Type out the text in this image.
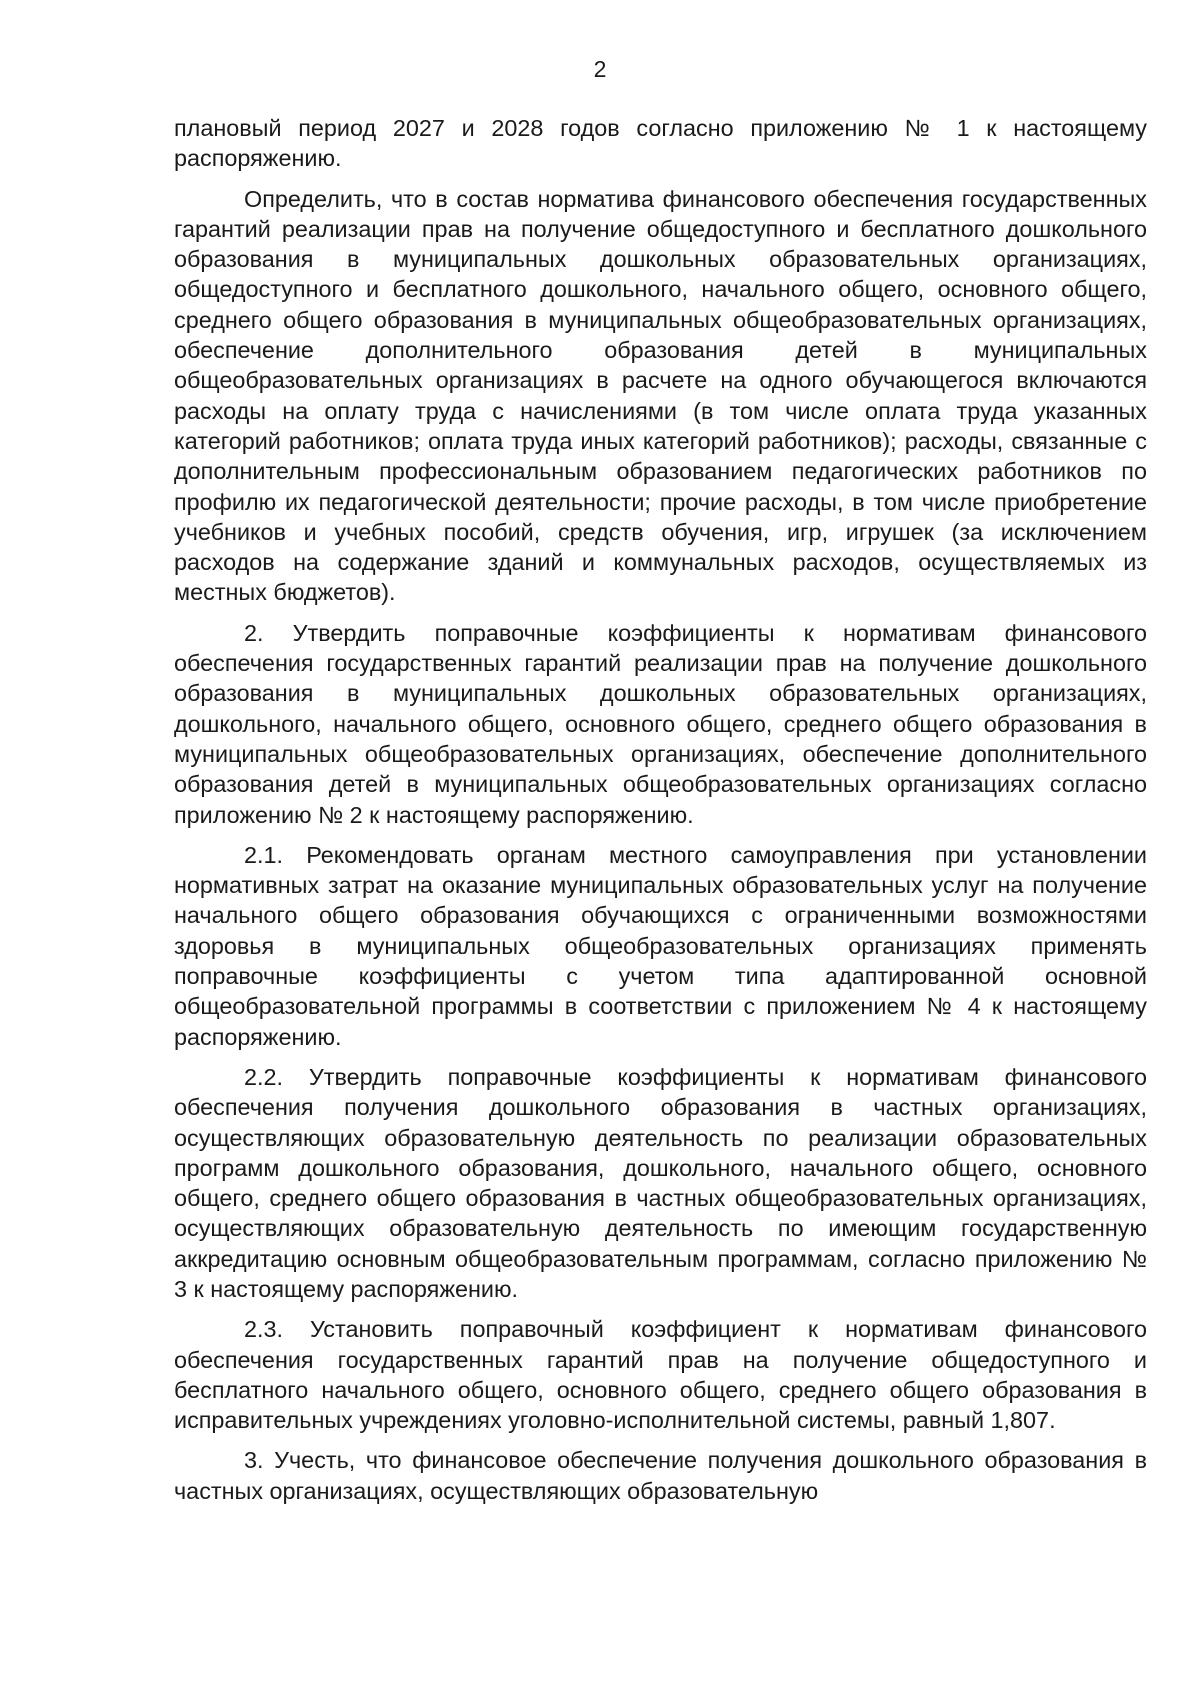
2

плановый период 2027 и 2028 годов согласно приложению № 1 к настоящему распоряжению.

Определить, что в состав норматива финансового обеспечения государственных гарантий реализации прав на получение общедоступного и бесплатного дошкольного образования в муниципальных дошкольных образовательных организациях, общедоступного и бесплатного дошкольного, начального общего, основного общего, среднего общего образования в муниципальных общеобразовательных организациях, обеспечение дополнительного образования детей в муниципальных общеобразовательных организациях в расчете на одного обучающегося включаются расходы на оплату труда с начислениями (в том числе оплата труда указанных категорий работников; оплата труда иных категорий работников); расходы, связанные с дополнительным профессиональным образованием педагогических работников по профилю их педагогической деятельности; прочие расходы, в том числе приобретение учебников и учебных пособий, средств обучения, игр, игрушек (за исключением расходов на содержание зданий и коммунальных расходов, осуществляемых из местных бюджетов).

2. Утвердить поправочные коэффициенты к нормативам финансового обеспечения государственных гарантий реализации прав на получение дошкольного образования в муниципальных дошкольных образовательных организациях, дошкольного, начального общего, основного общего, среднего общего образования в муниципальных общеобразовательных организациях, обеспечение дополнительного образования детей в муниципальных общеобразовательных организациях согласно приложению № 2 к настоящему распоряжению.

2.1. Рекомендовать органам местного самоуправления при установлении нормативных затрат на оказание муниципальных образовательных услуг на получение начального общего образования обучающихся с ограниченными возможностями здоровья в муниципальных общеобразовательных организациях применять поправочные коэффициенты с учетом типа адаптированной основной общеобразовательной программы в соответствии с приложением № 4 к настоящему распоряжению.

2.2. Утвердить поправочные коэффициенты к нормативам финансового обеспечения получения дошкольного образования в частных организациях, осуществляющих образовательную деятельность по реализации образовательных программ дошкольного образования, дошкольного, начального общего, основного общего, среднего общего образования в частных общеобразовательных организациях, осуществляющих образовательную деятельность по имеющим государственную аккредитацию основным общеобразовательным программам, согласно приложению № 3 к настоящему распоряжению.

2.3. Установить поправочный коэффициент к нормативам финансового обеспечения государственных гарантий прав на получение общедоступного и бесплатного начального общего, основного общего, среднего общего образования в исправительных учреждениях уголовно-исполнительной системы, равный 1,807.

3. Учесть, что финансовое обеспечение получения дошкольного образования в частных организациях, осуществляющих образовательную
